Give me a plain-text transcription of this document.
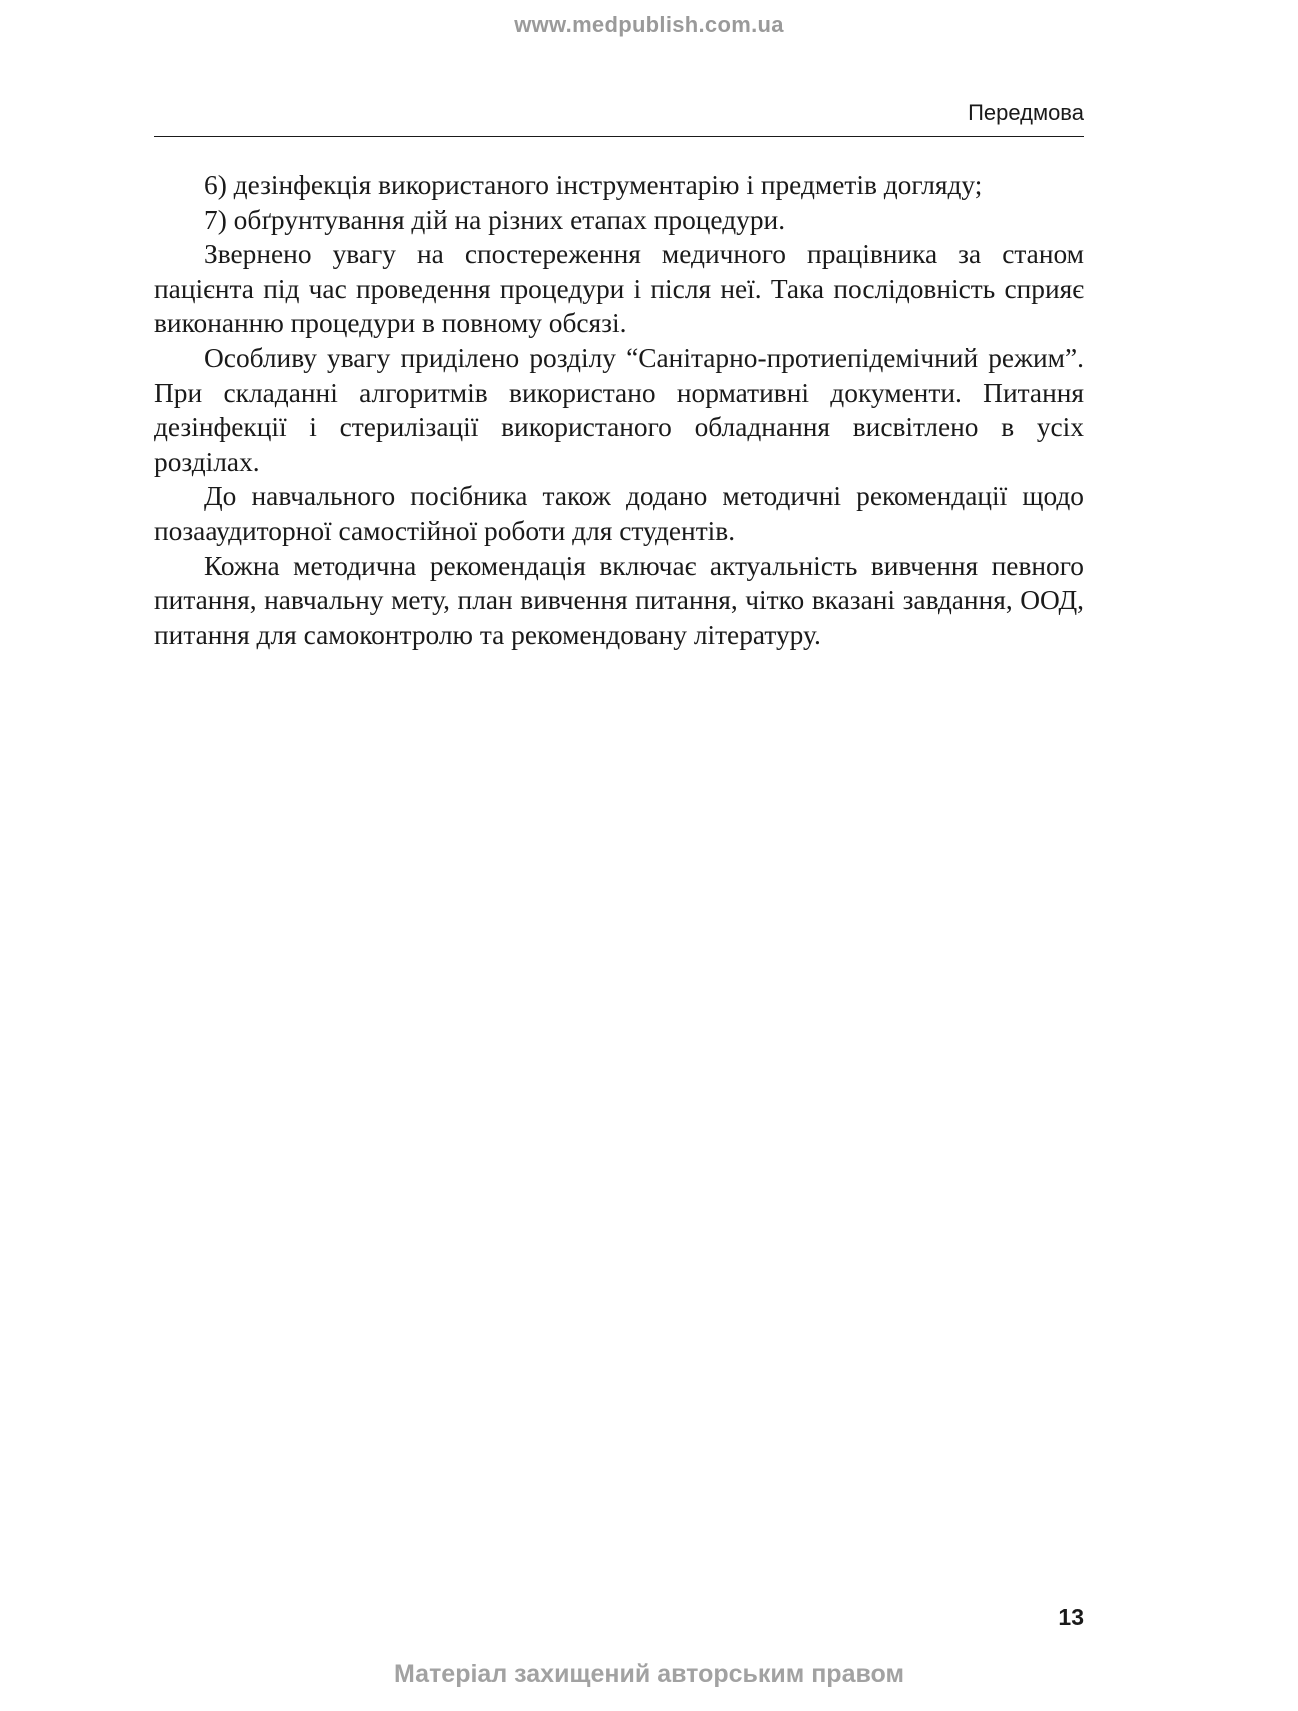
www.medpublish.com.ua
Передмова

6) дезінфекція використаного інструментарію і предметів догляду;

7) обґрунтування дій на різних етапах процедури.

Звернено увагу на спостереження медичного працівника за станом пацієнта під час проведення процедури і після неї. Така послідовність сприяє виконанню процедури в повному обсязі.

Особливу увагу приділено розділу “Санітарно-протиепідемічний режим”. При складанні алгоритмів використано нормативні документи. Питання дезінфекції і стерилізації використаного обладнання висвітлено в усіх розділах.

До навчального посібника також додано методичні рекомендації щодо позааудиторної самостійної роботи для студентів.

Кожна методична рекомендація включає актуальність вивчення певного питання, навчальну мету, план вивчення питання, чітко вказані завдання, ООД, питання для самоконтролю та рекомендовану літературу.

13
Матеріал захищений авторським правом
